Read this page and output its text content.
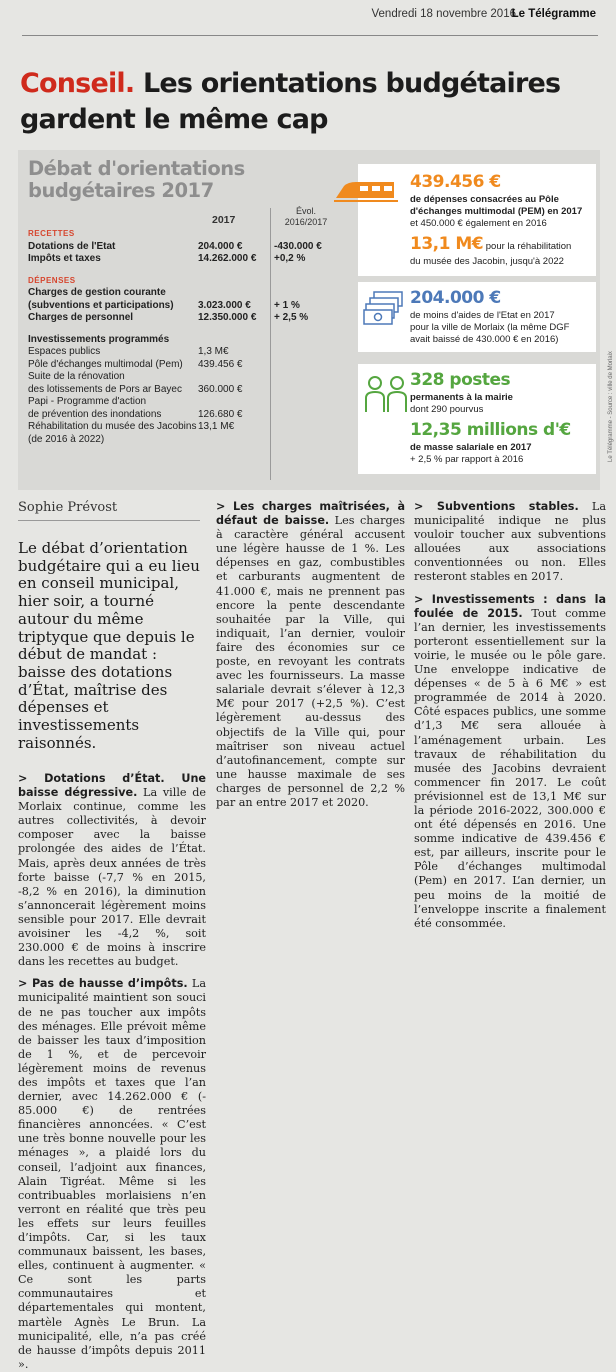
Vendredi 18 novembre 2016
Le Télégramme
Conseil. Les orientations budgétaires gardent le même cap
Débat d'orientations
budgétaires 2017
2017
Évol.
2016/2017
RECETTES
Dotations de l'Etat	204.000 €	-430.000 €
Impôts et taxes	14.262.000 €	+0,2 %
DÉPENSES
Charges de gestion courante
(subventions et participations)	3.023.000 €	+ 1 %
Charges de personnel	12.350.000 €	+ 2,5 %
Investissements programmés
Espaces publics	1,3 M€
Pôle d'échanges multimodal (Pem)	439.456 €
Suite de la rénovation
des lotissements de Pors ar Bayec	360.000 €
Papi - Programme d'action
de prévention des inondations	126.680 €
Réhabilitation du musée des Jacobins 13,1 M€
(de 2016 à 2022)
439.456 €
de dépenses consacrées au Pôle
d'échanges multimodal (PEM) en 2017
et 450.000 € également en 2016
13,1 M€ pour la réhabilitation
du musée des Jacobin, jusqu'à 2022
204.000 €
de moins d'aides de l'Etat en 2017
pour la ville de Morlaix (la même DGF
avait baissé de 430.000 € en 2016)
328 postes
permanents à la mairie
dont 290 pourvus
12,35 millions d'€
de masse salariale en 2017
+ 2,5 % par rapport à 2016	Le Télégramme - Source : ville de Morlaix
Sophie Prévost
Le débat d’orientation budgétaire qui a eu lieu en conseil municipal, hier soir, a tourné autour du même triptyque que depuis le début de mandat : baisse des dotations d’État, maîtrise des dépenses et investissements raisonnés.

> Dotations d’État. Une baisse dégressive. La ville de Morlaix continue, comme les autres collectivités, à devoir composer avec la baisse prolongée des aides de l’État. Mais, après deux années de très forte baisse (-7,7 % en 2015, -8,2 % en 2016), la diminution s’annoncerait légèrement moins sensible pour 2017. Elle devrait avoisiner les -4,2 %, soit 230.000 € de moins à inscrire dans les recettes au budget.

> Pas de hausse d’impôts. La municipalité maintient son souci de ne pas toucher aux impôts des ménages. Elle prévoit même de baisser les taux d’imposition de 1 %, et de percevoir légèrement moins de revenus des impôts et taxes que l’an dernier, avec 14.262.000 € (- 85.000 €) de rentrées financières annoncées. « C’est une très bonne nouvelle pour les ménages », a plaidé lors du conseil, l’adjoint aux finances, Alain Tigréat. Même si les contribuables morlaisiens n’en verront en réalité que très peu les effets sur leurs feuilles d’impôts. Car, si les taux communaux baissent, les bases, elles, continuent à augmenter. « Ce sont les parts communautaires et départementales qui montent, martèle Agnès Le Brun. La municipalité, elle, n’a pas créé de hausse d’impôts depuis 2011 ».

> Les charges maîtrisées, à défaut de baisse. Les charges à caractère général accusent une légère hausse de 1 %. Les dépenses en gaz, combustibles et carburants augmentent de 41.000 €, mais ne prennent pas encore la pente descendante souhaitée par la Ville, qui indiquait, l’an dernier, vouloir faire des économies sur ce poste, en revoyant les contrats avec les fournisseurs. La masse salariale devrait s’élever à 12,3 M€ pour 2017 (+2,5 %). C’est légèrement au-dessus des objectifs de la Ville qui, pour maîtriser son niveau actuel d’autofinancement, compte sur une hausse maximale de ses charges de personnel de 2,2 % par an entre 2017 et 2020.

> Subventions stables. La municipalité indique ne plus vouloir toucher aux subventions allouées aux associations conventionnées ou non. Elles resteront stables en 2017.

> Investissements : dans la foulée de 2015. Tout comme l’an dernier, les investissements porteront essentiellement sur la voirie, le musée ou le pôle gare. Une enveloppe indicative de dépenses « de 5 à 6 M€ » est programmée de 2014 à 2020. Côté espaces publics, une somme d’1,3 M€ sera allouée à l’aménagement urbain. Les travaux de réhabilitation du musée des Jacobins devraient commencer fin 2017. Le coût prévisionnel est de 13,1 M€ sur la période 2016-2022, 300.000 € ont été dépensés en 2016. Une somme indicative de 439.456 € est, par ailleurs, inscrite pour le Pôle d’échanges multimodal (Pem) en 2017. L’an dernier, un peu moins de la moitié de l’enveloppe inscrite a finalement été consommée.
